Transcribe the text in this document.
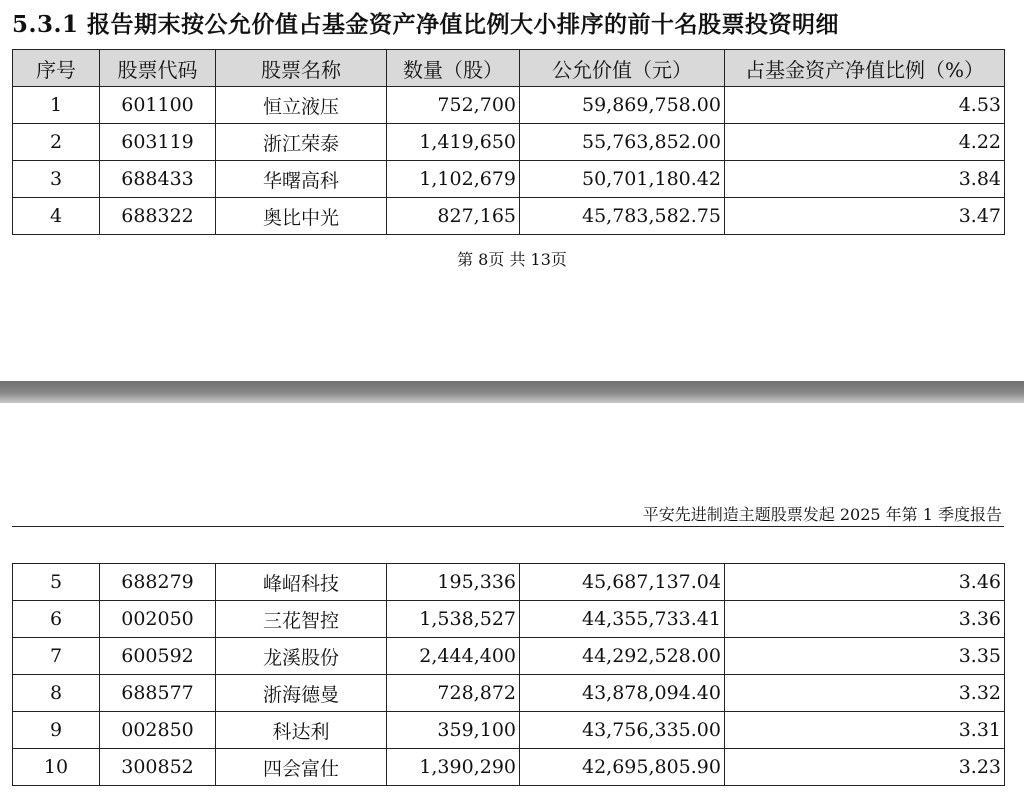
5.3.1 报告期末按公允价值占基金资产净值比例大小排序的前十名股票投资明细
序号	股票代码	股票名称	数量（股）	公允价值（元）	占基金资产净值比例（%）
1	601100	恒立液压	752,700	59,869,758.00	4.53
2	603119	浙江荣泰	1,419,650	55,763,852.00	4.22
3	688433	华曙高科	1,102,679	50,701,180.42	3.84
4	688322	奥比中光	827,165	45,783,582.75	3.47
第 8页 共 13页
平安先进制造主题股票发起 2025 年第 1 季度报告
5	688279	峰岹科技	195,336	45,687,137.04	3.46
6	002050	三花智控	1,538,527	44,355,733.41	3.36
7	600592	龙溪股份	2,444,400	44,292,528.00	3.35
8	688577	浙海德曼	728,872	43,878,094.40	3.32
9	002850	科达利	359,100	43,756,335.00	3.31
10	300852	四会富仕	1,390,290	42,695,805.90	3.23
